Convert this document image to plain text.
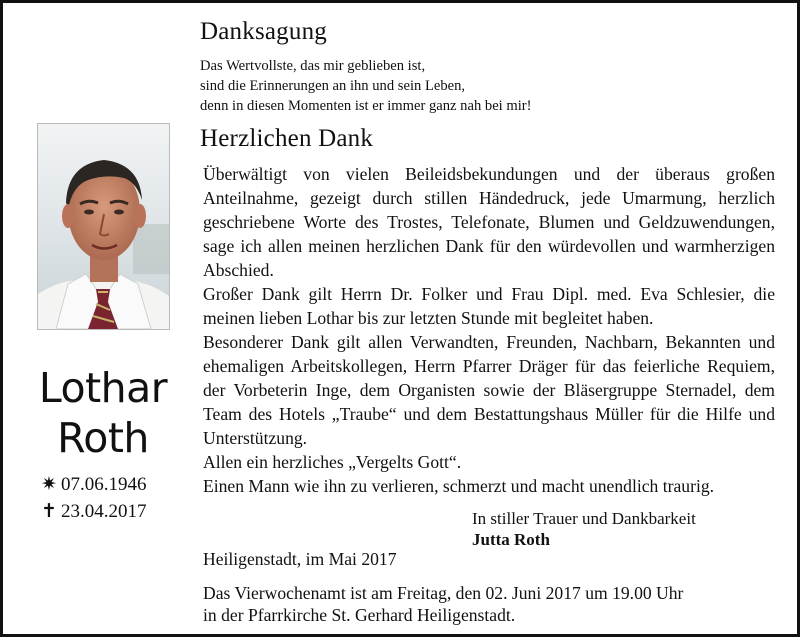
Danksagung
Das Wertvollste, das mir geblieben ist,
sind die Erinnerungen an ihn und sein Leben,
denn in diesen Momenten ist er immer ganz nah bei mir!
Lothar
Roth
✷ 07.06.1946
✝ 23.04.2017
Herzlichen Dank

Überwältigt von vielen Beileidsbekundungen und der überaus großen Anteilnahme, gezeigt durch stillen Händedruck, jede Umarmung, herzlich geschriebene Worte des Trostes, Telefonate, Blumen und Geldzuwendungen, sage ich allen meinen herzlichen Dank für den würdevollen und warmherzigen Abschied.

Großer Dank gilt Herrn Dr. Folker und Frau Dipl. med. Eva Schlesier, die meinen lieben Lothar bis zur letzten Stunde mit begleitet haben.

Besonderer Dank gilt allen Verwandten, Freunden, Nachbarn, Bekannten und ehemaligen Arbeitskollegen, Herrn Pfarrer Dräger für das feierliche Requiem, der Vorbeterin Inge, dem Organisten sowie der Bläsergruppe Sternadel, dem Team des Hotels „Traube“ und dem Bestattungshaus Müller für die Hilfe und Unterstützung.

Allen ein herzliches „Vergelts Gott“.

Einen Mann wie ihn zu verlieren, schmerzt und macht unendlich traurig.

In stiller Trauer und Dankbarkeit
Jutta Roth
Heiligenstadt, im Mai 2017

Das Vierwochenamt ist am Freitag, den 02. Juni 2017 um 19.00 Uhr

in der Pfarrkirche St. Gerhard Heiligenstadt.
